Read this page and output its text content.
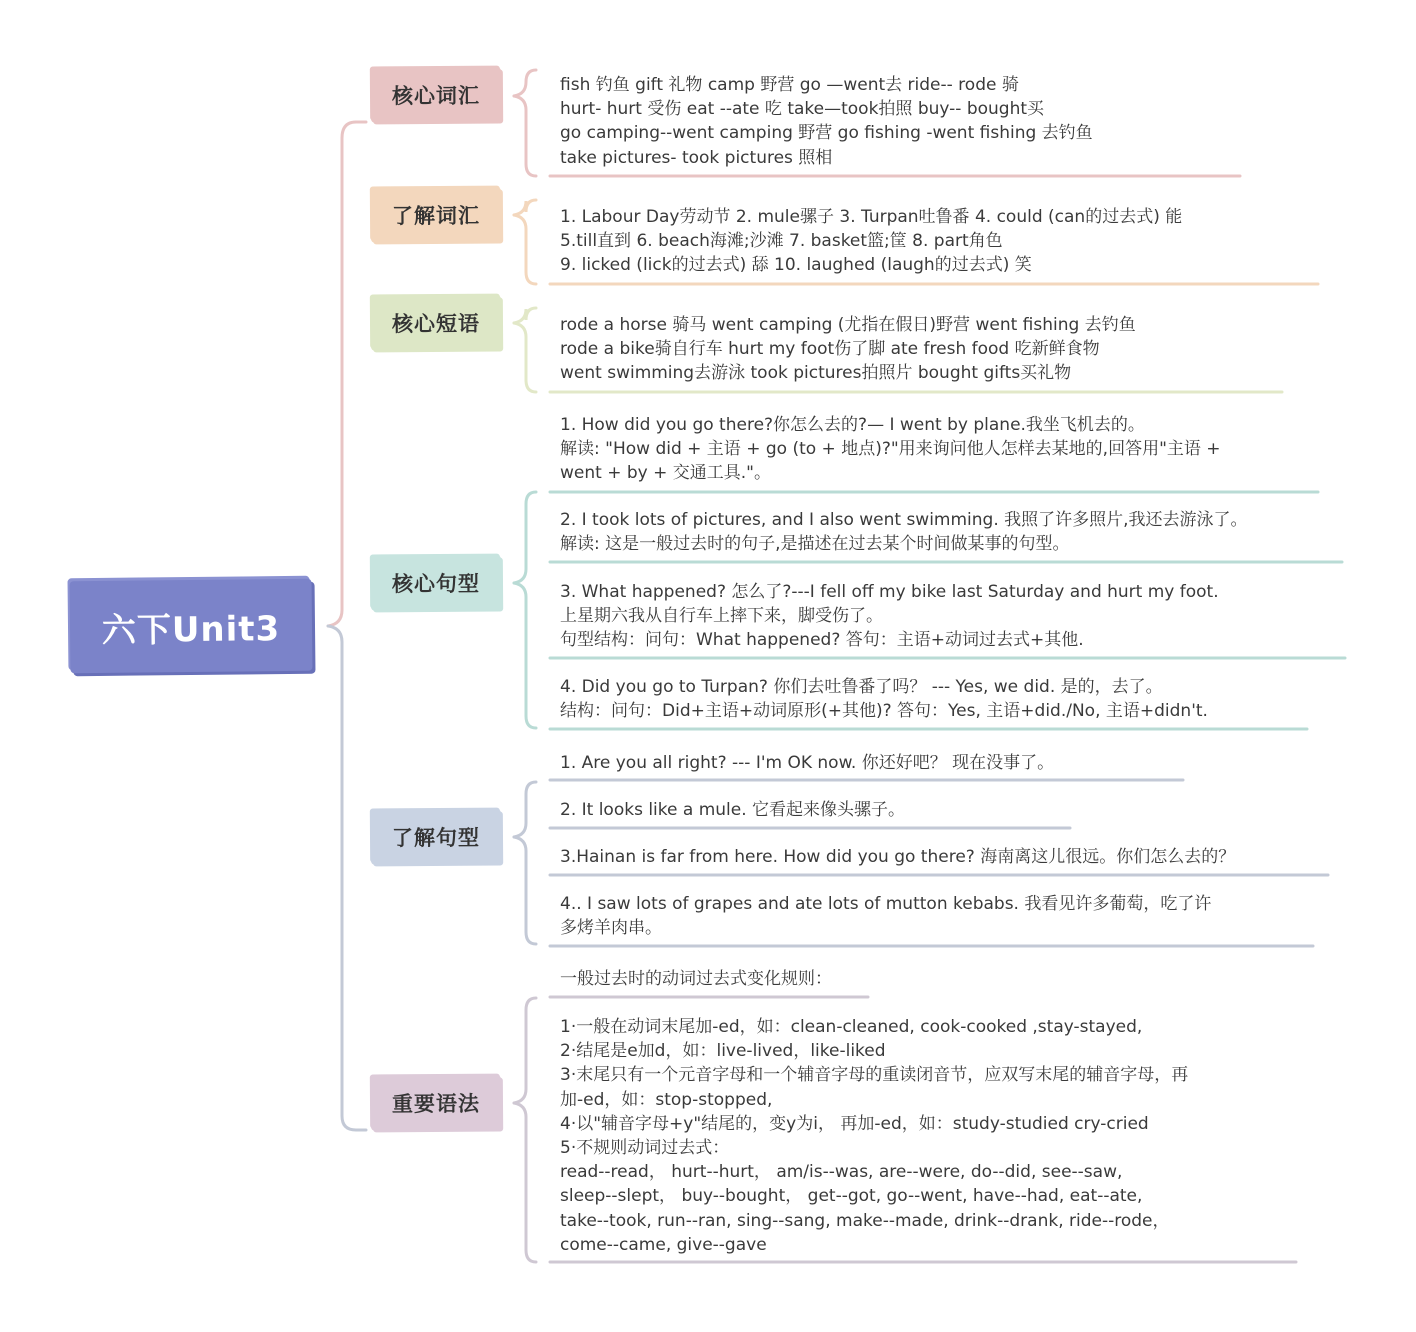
六下Unit3
核心词汇
了解词汇
核心短语
核心句型
了解句型
重要语法
fish 钓鱼 gift 礼物 camp 野营 go —went去 ride-- rode 骑
hurt- hurt 受伤 eat --ate 吃 take—took拍照 buy-- bought买
go camping--went camping 野营 go fishing -went fishing 去钓鱼
take pictures- took pictures 照相
1. Labour Day劳动节 2. mule骡子 3. Turpan吐鲁番 4. could (can的过去式) 能
5.till直到 6. beach海滩;沙滩 7. basket篮;筐 8. part角色
9. licked (lick的过去式) 舔 10. laughed (laugh的过去式) 笑
rode a horse 骑马 went camping (尤指在假日)野营 went fishing 去钓鱼
rode a bike骑自行车 hurt my foot伤了脚 ate fresh food 吃新鲜食物
went swimming去游泳 took pictures拍照片 bought gifts买礼物
1. How did you go there?你怎么去的?— I went by plane.我坐飞机去的。
解读: "How did + 主语 + go (to + 地点)?"用来询问他人怎样去某地的,回答用"主语 +
went + by + 交通工具."。
2. I took lots of pictures, and I also went swimming. 我照了许多照片,我还去游泳了。
解读: 这是一般过去时的句子,是描述在过去某个时间做某事的句型。
3. What happened? 怎么了?---I fell off my bike last Saturday and hurt my foot.
上星期六我从自行车上摔下来，脚受伤了。
句型结构：问句：What happened? 答句：主语+动词过去式+其他.
4. Did you go to Turpan? 你们去吐鲁番了吗？ --- Yes, we did. 是的，去了。
结构：问句：Did+主语+动词原形(+其他)? 答句：Yes, 主语+did./No, 主语+didn't.
1. Are you all right? --- I'm OK now. 你还好吧？ 现在没事了。
2. It looks like a mule. 它看起来像头骡子。
3.Hainan is far from here. How did you go there? 海南离这儿很远。你们怎么去的？
4.. I saw lots of grapes and ate lots of mutton kebabs. 我看见许多葡萄，吃了许
多烤羊肉串。
一般过去时的动词过去式变化规则：
1·一般在动词末尾加-ed，如：clean-cleaned, cook-cooked ,stay-stayed,
2·结尾是e加d，如：live-lived，like-liked
3·末尾只有一个元音字母和一个辅音字母的重读闭音节，应双写末尾的辅音字母，再
加-ed，如：stop-stopped,
4·以"辅音字母+y"结尾的，变y为i， 再加-ed，如：study-studied cry-cried
5·不规则动词过去式：
read--read， hurt--hurt， am/is--was, are--were, do--did, see--saw,
sleep--slept， buy--bought， get--got, go--went, have--had, eat--ate,
take--took, run--ran, sing--sang, make--made, drink--drank, ride--rode，
come--came, give--gave
